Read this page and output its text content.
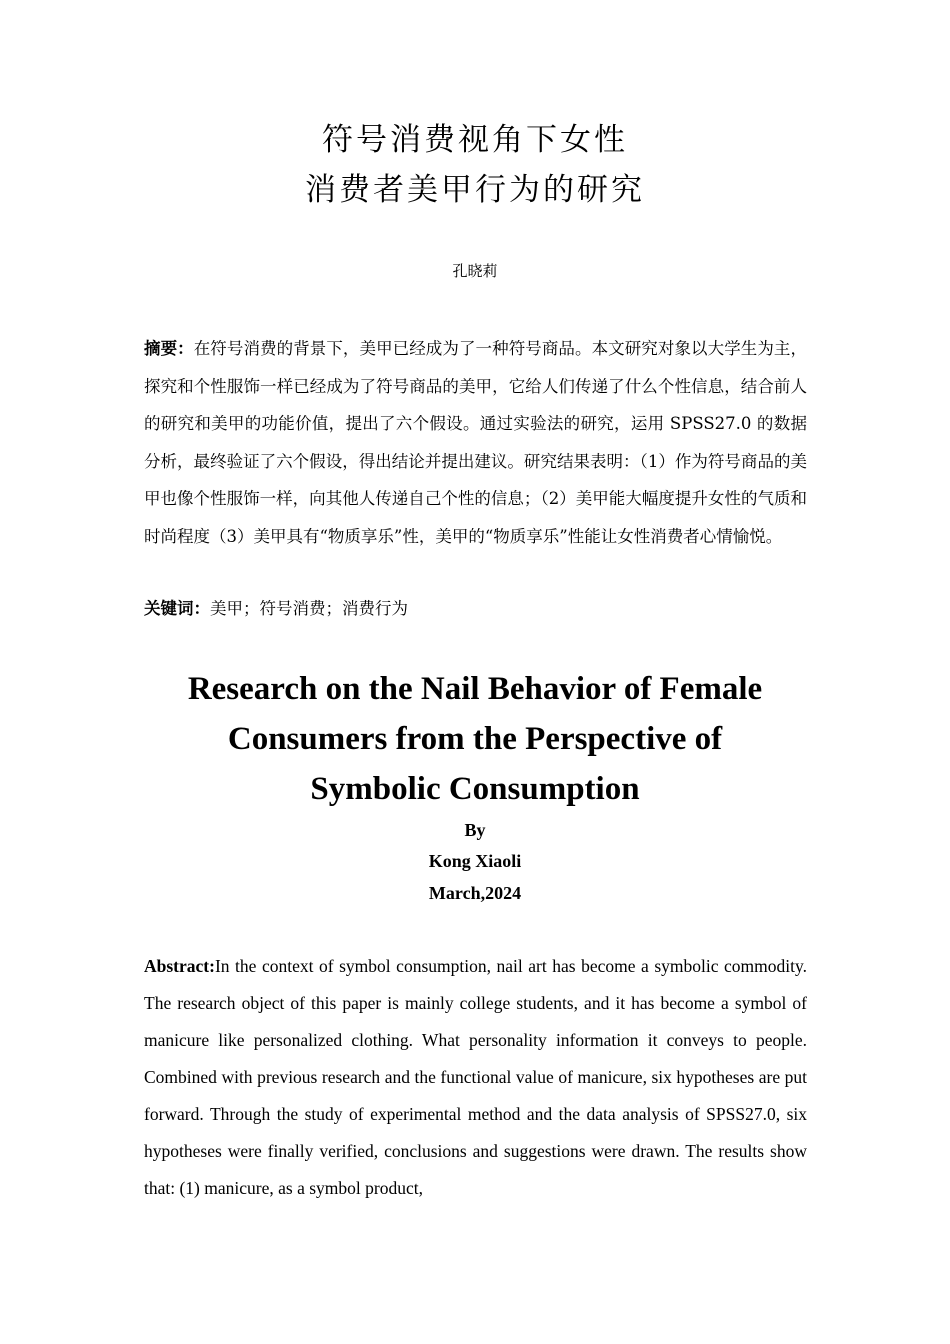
符号消费视角下女性
消费者美甲行为的研究
孔晓莉

摘要：在符号消费的背景下，美甲已经成为了一种符号商品。本文研究对象以大学生为主，探究和个性服饰一样已经成为了符号商品的美甲，它给人们传递了什么个性信息，结合前人的研究和美甲的功能价值，提出了六个假设。通过实验法的研究，运用 SPSS27.0 的数据分析，最终验证了六个假设，得出结论并提出建议。研究结果表明：（1）作为符号商品的美甲也像个性服饰一样，向其他人传递自己个性的信息；（2）美甲能大幅度提升女性的气质和时尚程度（3）美甲具有“物质享乐”性，美甲的“物质享乐”性能让女性消费者心情愉悦。

关键词：美甲；符号消费；消费行为

Research on the Nail Behavior of Female
Consumers from the Perspective of
Symbolic Consumption
By
Kong Xiaoli
March,2024

Abstract:In the context of symbol consumption, nail art has become a symbolic commodity. The research object of this paper is mainly college students, and it has become a symbol of manicure like personalized clothing. What personality information it conveys to people. Combined with previous research and the functional value of manicure, six hypotheses are put forward. Through the study of experimental method and the data analysis of SPSS27.0, six hypotheses were finally verified, conclusions and suggestions were drawn. The results show that: (1) manicure, as a symbol product,
